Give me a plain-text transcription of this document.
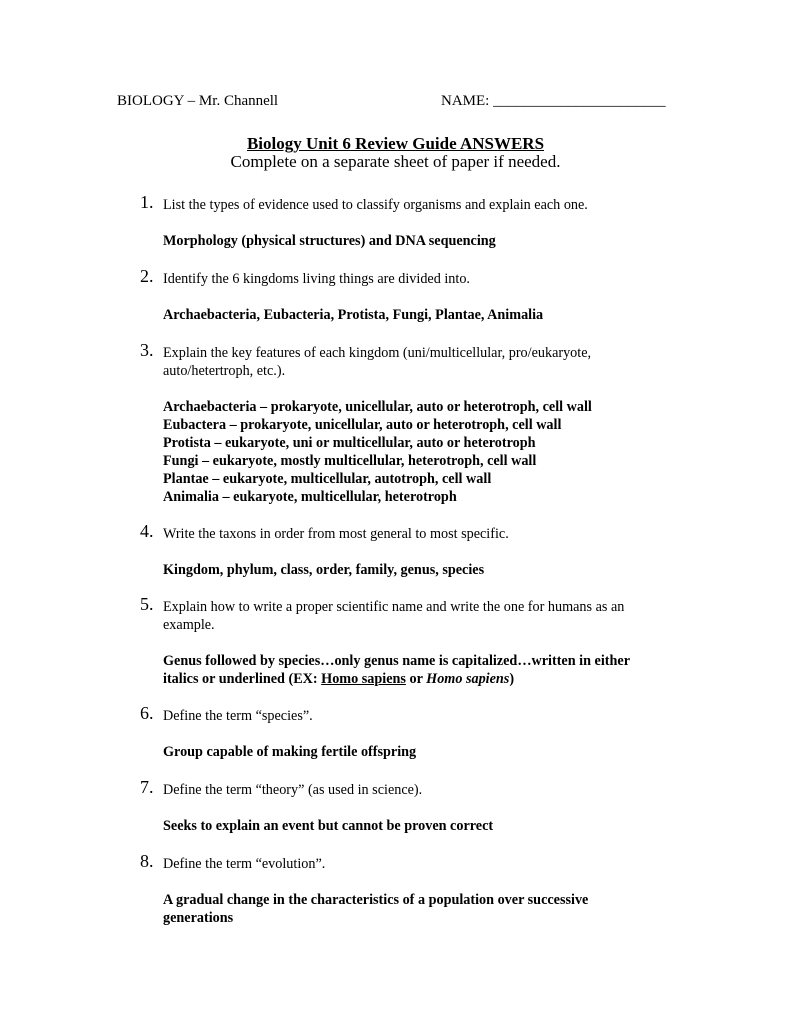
BIOLOGY – Mr. Channell	NAME: _______________________
Biology Unit 6 Review Guide ANSWERS
Complete on a separate sheet of paper if needed.
1. List the types of evidence used to classify organisms and explain each one.
Morphology (physical structures) and DNA sequencing
2. Identify the 6 kingdoms living things are divided into.
Archaebacteria, Eubacteria, Protista, Fungi, Plantae, Animalia
3. Explain the key features of each kingdom (uni/multicellular, pro/eukaryote, auto/hetertroph, etc.).
Archaebacteria – prokaryote, unicellular, auto or heterotroph, cell wall
Eubactera – prokaryote, unicellular, auto or heterotroph, cell wall
Protista – eukaryote, uni or multicellular, auto or heterotroph
Fungi – eukaryote, mostly multicellular, heterotroph, cell wall
Plantae – eukaryote, multicellular, autotroph, cell wall
Animalia – eukaryote, multicellular, heterotroph
4. Write the taxons in order from most general to most specific.
Kingdom, phylum, class, order, family, genus, species
5. Explain how to write a proper scientific name and write the one for humans as an example.
Genus followed by species…only genus name is capitalized…written in either italics or underlined (EX: Homo sapiens or Homo sapiens)
6. Define the term “species”.
Group capable of making fertile offspring
7. Define the term “theory” (as used in science).
Seeks to explain an event but cannot be proven correct
8. Define the term “evolution”.
A gradual change in the characteristics of a population over successive generations
